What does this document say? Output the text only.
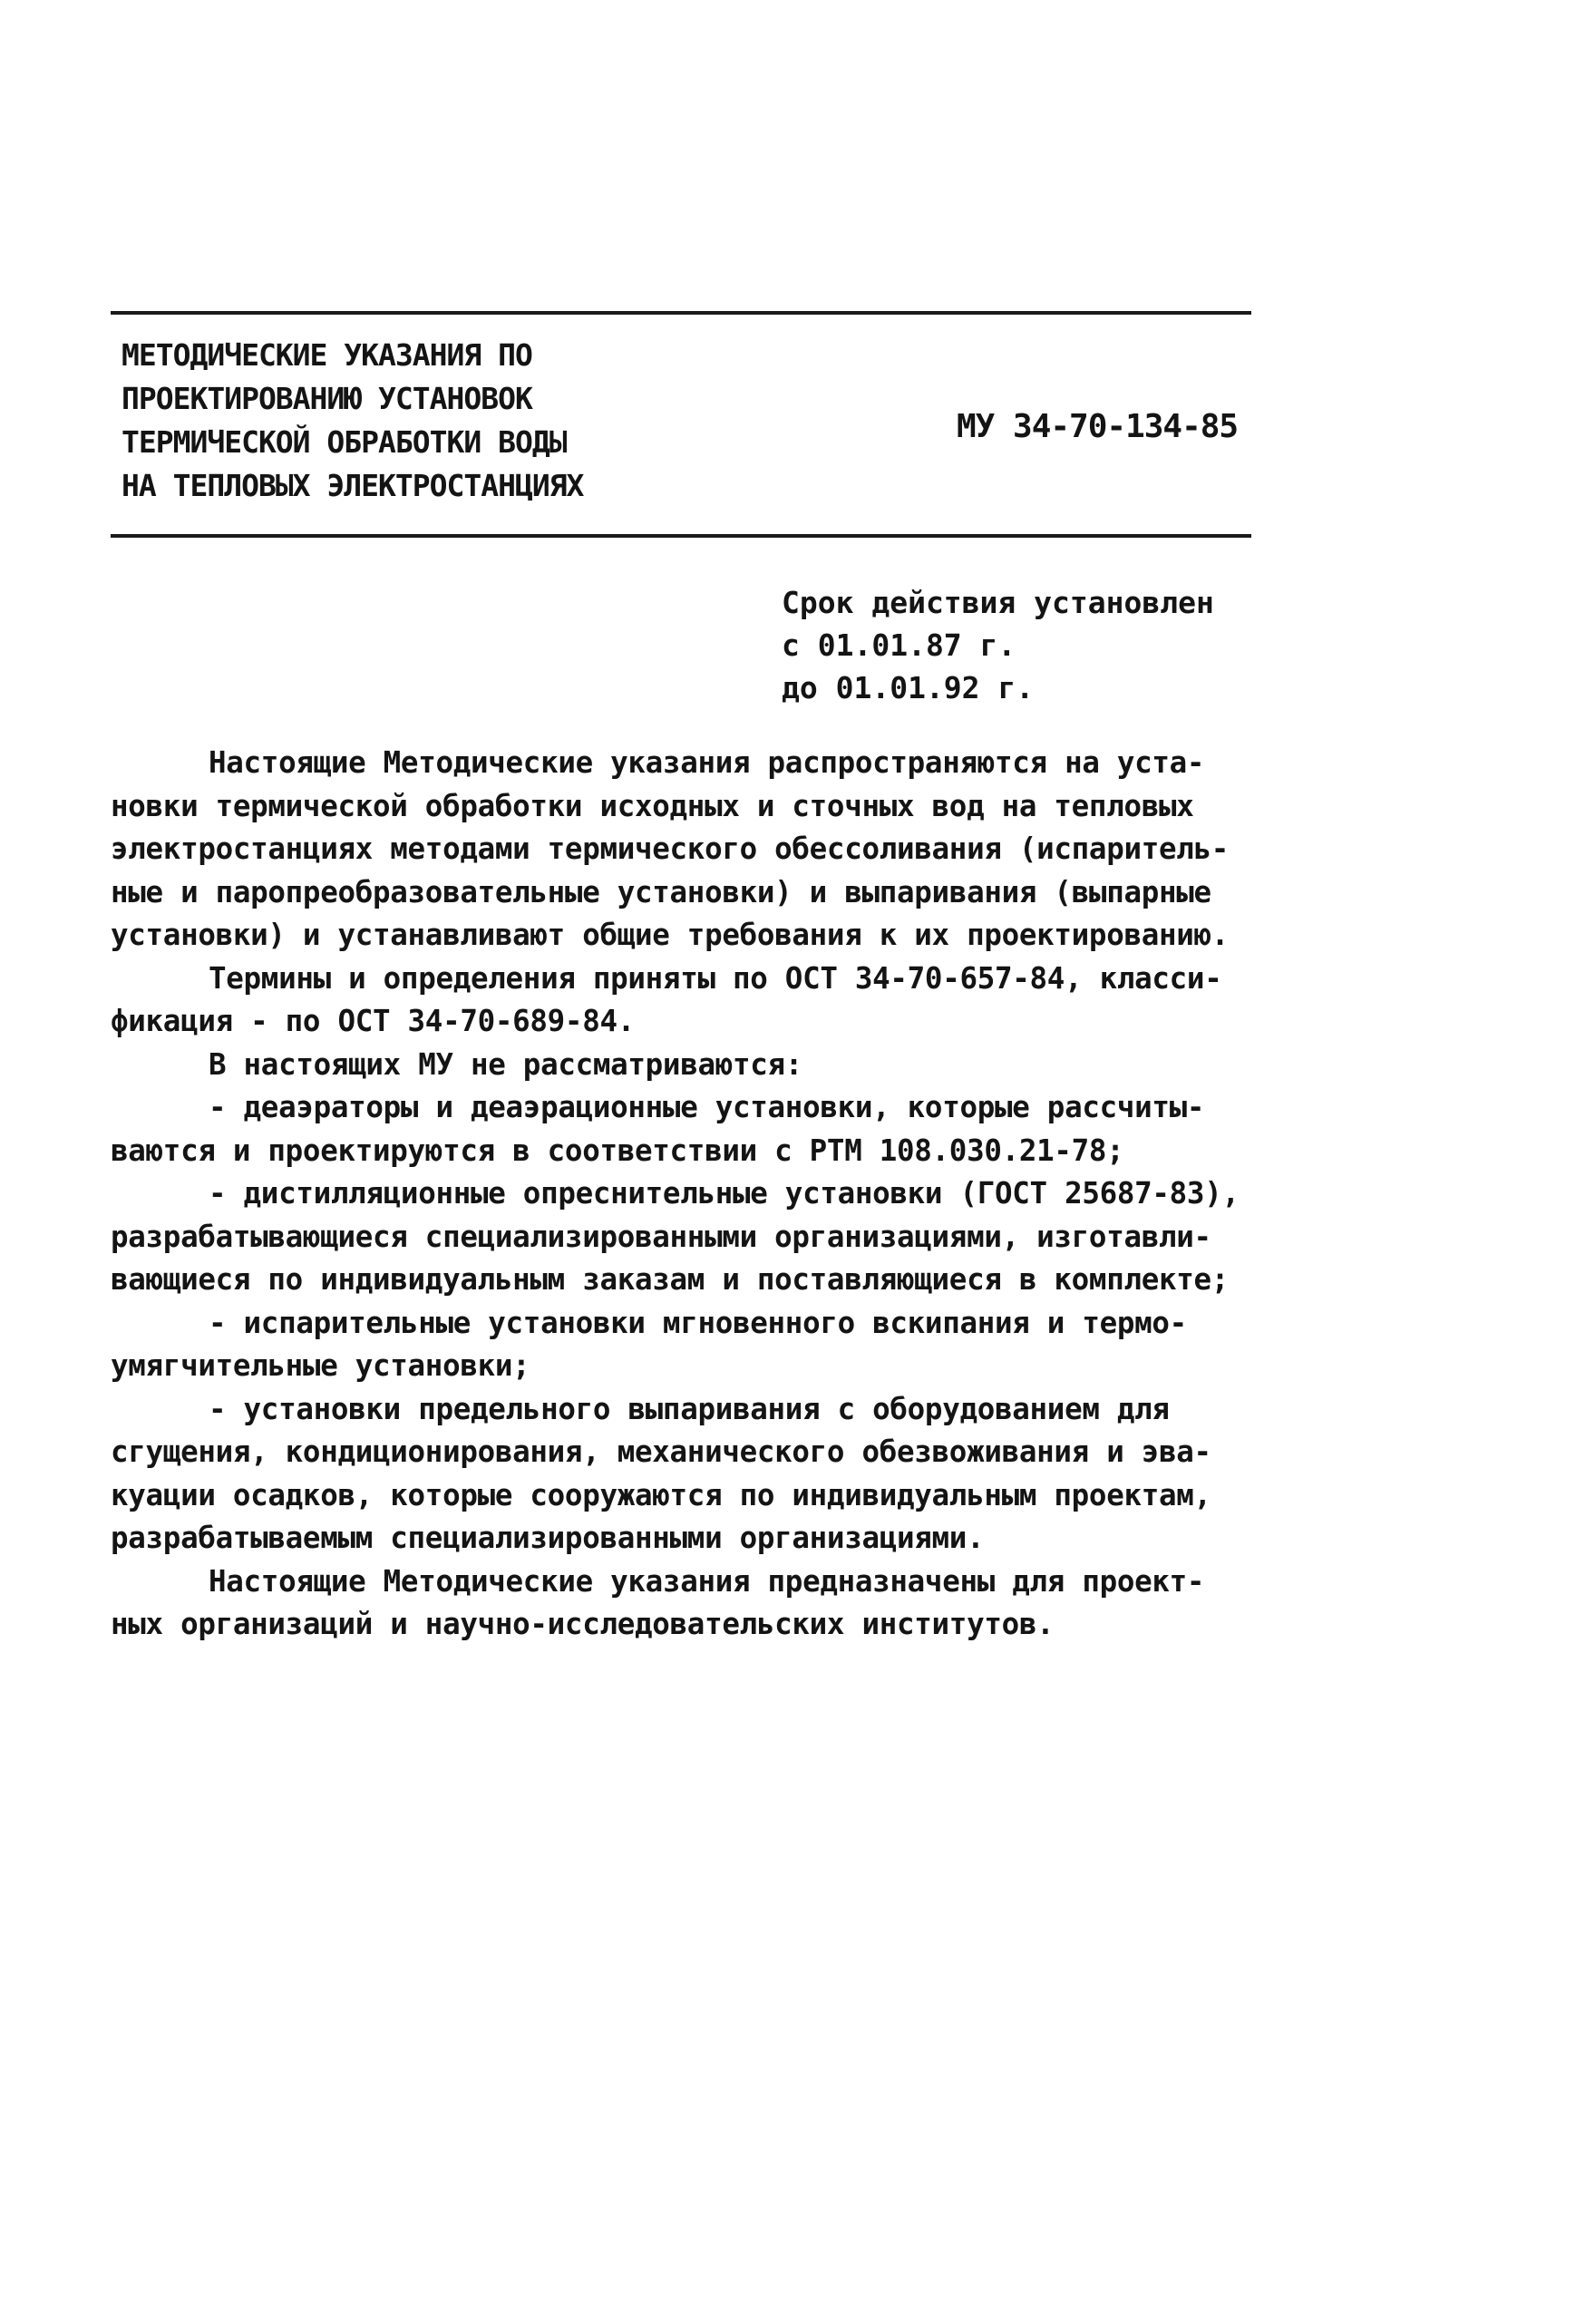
МЕТОДИЧЕСКИЕ УКАЗАНИЯ ПО
ПРОЕКТИРОВАНИЮ УСТАНОВОК
ТЕРМИЧЕСКОЙ ОБРАБОТКИ ВОДЫ
НА ТЕПЛОВЫХ ЭЛЕКТРОСТАНЦИЯХ
МУ 34-70-134-85
Срок действия установлен
с 01.01.87 г.
до 01.01.92 г.
Настоящие Методические указания распространяются на уста-
новки термической обработки исходных и сточных вод на тепловых
электростанциях методами термического обессоливания (испаритель-
ные и паропреобразовательные установки) и выпаривания (выпарные
установки) и устанавливают общие требования к их проектированию.
Термины и определения приняты по ОСТ 34-70-657-84, класси-
фикация - по ОСТ 34-70-689-84.
В настоящих МУ не рассматриваются:
- деаэраторы и деаэрационные установки, которые рассчиты-
ваются и проектируются в соответствии с РТМ 108.030.21-78;
- дистилляционные опреснительные установки (ГОСТ 25687-83),
разрабатывающиеся специализированными организациями, изготавли-
вающиеся по индивидуальным заказам и поставляющиеся в комплекте;
- испарительные установки мгновенного вскипания и термо-
умягчительные установки;
- установки предельного выпаривания с оборудованием для
сгущения, кондиционирования, механического обезвоживания и эва-
куации осадков, которые сооружаются по индивидуальным проектам,
разрабатываемым специализированными организациями.
Настоящие Методические указания предназначены для проект-
ных организаций и научно-исследовательских институтов.
